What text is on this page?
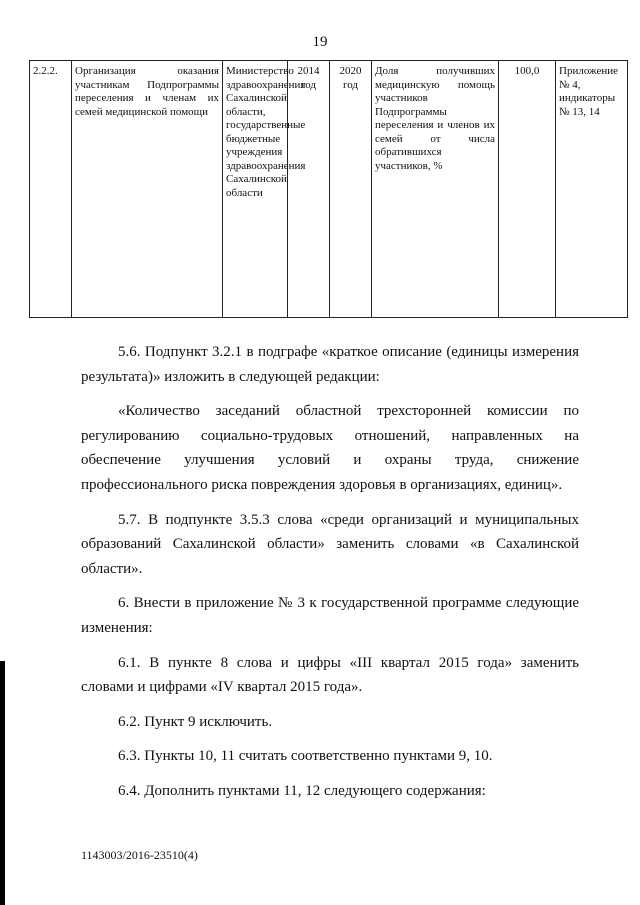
19
2.2.2.	Организация оказания участникам Подпрограммы переселения и членам их семей медицинской помощи	Министерство здравоохранения Сахалинской области, государственные бюджетные учреждения здравоохранения Сахалинской области	2014 год	2020 год	Доля получивших медицинскую помощь участников Подпрограммы переселения и членов их семей от числа обратившихся участников, %	100,0	Приложение № 4, индикаторы № 13, 14

5.6. Подпункт 3.2.1 в подграфе «краткое описание (единицы измерения результата)» изложить в следующей редакции:

«Количество заседаний областной трехсторонней комиссии по регулированию социально-трудовых отношений, направленных на обеспечение улучшения условий и охраны труда, снижение профессионального риска повреждения здоровья в организациях, единиц».

5.7. В подпункте 3.5.3 слова «среди организаций и муниципальных образований Сахалинской области» заменить словами «в Сахалинской области».

6. Внести в приложение № 3 к государственной программе следующие изменения:

6.1. В пункте 8 слова и цифры «III квартал 2015 года» заменить словами и цифрами «IV квартал 2015 года».

6.2. Пункт 9 исключить.

6.3. Пункты 10, 11 считать соответственно пунктами 9, 10.

6.4. Дополнить пунктами 11, 12 следующего содержания:

1143003/2016-23510(4)
